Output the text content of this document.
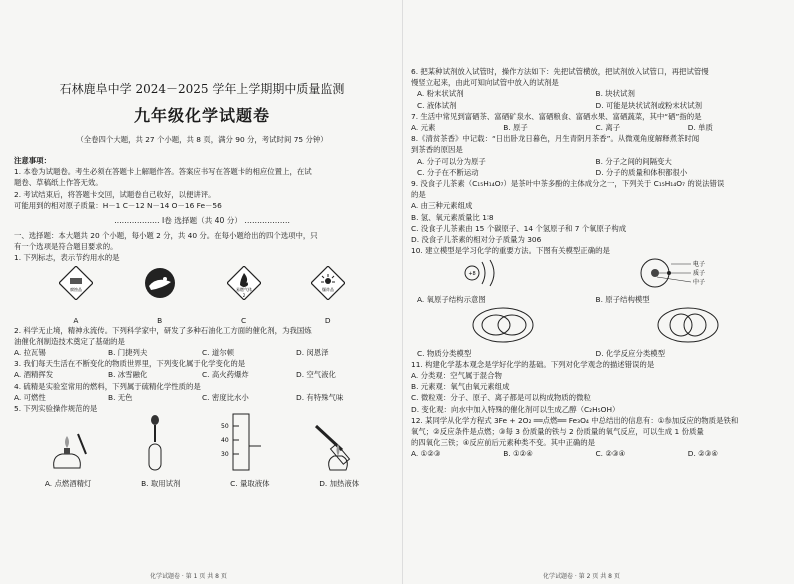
石林鹿阜中学 2024－2025 学年上学期期中质量监测
九年级化学试题卷
（全卷四个大题，共 27 个小题，共 8 页，满分 90 分，考试时间 75 分钟）
注意事项：
1. 本卷为试题卷。考生必须在答题卡上解题作答。答案应书写在答题卡的相应位置上，在试
题卷、草稿纸上作答无效。
2. 考试结束后，将答题卡交回，试题卷自己收好，以便讲评。
可能用到的相对原子质量：H－1 C－12 N－14 O－16 Fe－56
……………… Ⅰ卷 选择题（共 40 分） ………………
一、选择题：本大题共 20 个小题，每小题 2 分，共 40 分。在每小题给出的四个选项中，只
有一个选项是符合题目要求的。
1. 下列标志，表示节约用水的是
腐蚀品	易燃气体
2
爆炸品
A	B	C	D
2. 科学无止境，精神永流传。下列科学家中，研发了多种石油化工方面的催化剂，为我国炼
油催化剂制造技术奠定了基础的是
A. 拉瓦锡	B. 门捷列夫	C. 道尔顿	D. 闵恩泽
3. 我们每天生活在不断变化的物质世界里，下列变化属于化学变化的是
A. 酒精挥发	B. 冰雪融化	C. 高火药爆炸	D. 空气液化
4. 硫精是实验室常用的燃料，下列属于硫精化学性质的是
A. 可燃性	B. 无色	C. 密度比水小	D. 有特殊气味
5. 下列实验操作规范的是
50
40
30
A. 点燃酒精灯	B. 取用试剂	C. 量取液体	D. 加热液体
化学试题卷 · 第 1 页 共 8 页
6. 把某种试剂放入试管时，操作方法如下：先把试管横放，把试剂放入试管口，再把试管慢
慢竖立起来，由此可知向试管中放入的试剂是
A. 粉末状试剂	B. 块状试剂
C. 液体试剂	D. 可能是块状试剂或粉末状试剂
7. 生活中常见到富硒茶、富硒矿泉水、富硒粮食、富硒水果、富硒蔬菜，其中“硒”指的是
A. 元素	B. 原子	C. 离子	D. 单质
8.《清贫茶香》中记载：“日出卧龙日暮色，月生青阴月茶香”。从微观角度解释煮茶时闻
到茶香的原因是
A. 分子可以分为原子	B. 分子之间的间隔变大
C. 分子在不断运动	D. 分子的质量和体积都很小
9. 没食子儿茶素（C₁₅H₁₄O₇）是茶叶中茶多酚的主体成分之一，下列关于 C₁₅H₁₄O₇ 的说法错误
的是
A. 由三种元素组成
B. 氢、氧元素质量比 1∶8
C. 没食子儿茶素由 15 个碳原子、14 个氢原子和 7 个氧原子构成
D. 没食子儿茶素的相对分子质量为 306
10. 建立模型是学习化学的重要方法。下图有关模型正确的是
+8
电子
质子
中子
A. 氧原子结构示意图	B. 原子结构模型
C. 物质分类模型	D. 化学反应分类模型
11. 构建化学基本观念是学好化学的基础。下列对化学观念的描述错误的是
A. 分类观：空气属于混合物
B. 元素观：氧气由氧元素组成
C. 微粒观：分子、原子、离子都是可以构成物质的微粒
D. 变化观：向水中加入特殊的催化剂可以生成乙醇（C₂H₅OH）
12. 某同学从化学方程式 3Fe + 2O₂ ══点燃══ Fe₃O₄ 中总结出的信息有：①参加反应的物质是铁和
氧气；②反应条件是点燃；③每 3 份质量的铁与 2 份质量的氧气反应，可以生成 1 份质量
的四氧化三铁；④反应前后元素种类不变。其中正确的是
A. ①②③	B. ①②④	C. ②③④	D. ②③④
化学试题卷 · 第 2 页 共 8 页
